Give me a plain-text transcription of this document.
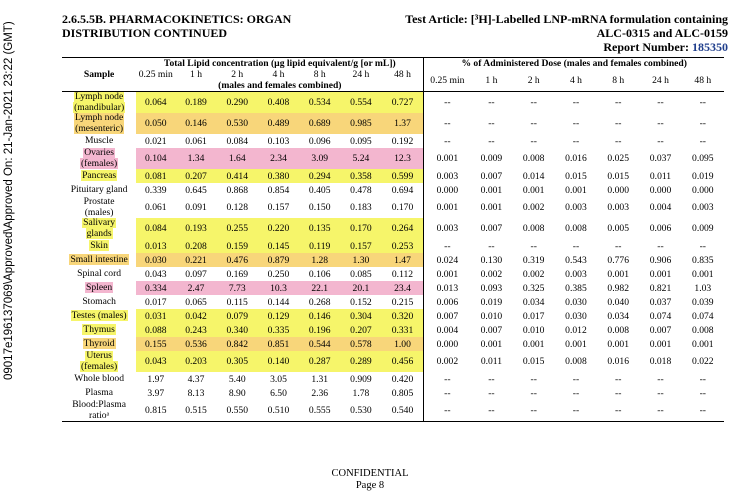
09017e196137069\Approved\Approved On: 21-Jan-2021 23:22 (GMT)
2.6.5.5B. PHARMACOKINETICS: ORGAN
DISTRIBUTION CONTINUED
Test Article: [³H]-Labelled LNP-mRNA formulation containing
ALC-0315 and ALC-0159
Report Number: 185350
Sample	Total Lipid concentration (µg lipid equivalent/g [or mL])							% of Administered Dose (males and females combined)						
	0.25 min	1 h	2 h	4 h	8 h	24 h	48 h	0.25 min	1 h	2 h	4 h	8 h	24 h	48 h
	(males and females combined)													

Lymph node
(mandibular)	0.064	0.189	0.290	0.408	0.534	0.554	0.727	--	--	--	--	--	--	--

Lymph node
(mesenteric)	0.050	0.146	0.530	0.489	0.689	0.985	1.37	--	--	--	--	--	--	--

Muscle	0.021	0.061	0.084	0.103	0.096	0.095	0.192	--	--	--	--	--	--	--

Ovaries
(females)	0.104	1.34	1.64	2.34	3.09	5.24	12.3	0.001	0.009	0.008	0.016	0.025	0.037	0.095

Pancreas	0.081	0.207	0.414	0.380	0.294	0.358	0.599	0.003	0.007	0.014	0.015	0.015	0.011	0.019

Pituitary gland	0.339	0.645	0.868	0.854	0.405	0.478	0.694	0.000	0.001	0.001	0.001	0.000	0.000	0.000

Prostate
(males)	0.061	0.091	0.128	0.157	0.150	0.183	0.170	0.001	0.001	0.002	0.003	0.003	0.004	0.003

Salivary
glands	0.084	0.193	0.255	0.220	0.135	0.170	0.264	0.003	0.007	0.008	0.008	0.005	0.006	0.009

Skin	0.013	0.208	0.159	0.145	0.119	0.157	0.253	--	--	--	--	--	--	--

Small intestine	0.030	0.221	0.476	0.879	1.28	1.30	1.47	0.024	0.130	0.319	0.543	0.776	0.906	0.835

Spinal cord	0.043	0.097	0.169	0.250	0.106	0.085	0.112	0.001	0.002	0.002	0.003	0.001	0.001	0.001

Spleen	0.334	2.47	7.73	10.3	22.1	20.1	23.4	0.013	0.093	0.325	0.385	0.982	0.821	1.03

Stomach	0.017	0.065	0.115	0.144	0.268	0.152	0.215	0.006	0.019	0.034	0.030	0.040	0.037	0.039

Testes (males)	0.031	0.042	0.079	0.129	0.146	0.304	0.320	0.007	0.010	0.017	0.030	0.034	0.074	0.074

Thymus	0.088	0.243	0.340	0.335	0.196	0.207	0.331	0.004	0.007	0.010	0.012	0.008	0.007	0.008

Thyroid	0.155	0.536	0.842	0.851	0.544	0.578	1.00	0.000	0.001	0.001	0.001	0.001	0.001	0.001

Uterus
(females)	0.043	0.203	0.305	0.140	0.287	0.289	0.456	0.002	0.011	0.015	0.008	0.016	0.018	0.022

Whole blood	1.97	4.37	5.40	3.05	1.31	0.909	0.420	--	--	--	--	--	--	--

Plasma	3.97	8.13	8.90	6.50	2.36	1.78	0.805	--	--	--	--	--	--	--

Blood:Plasma
ratioᵃ	0.815	0.515	0.550	0.510	0.555	0.530	0.540	--	--	--	--	--	--	--
CONFIDENTIAL
Page 8
